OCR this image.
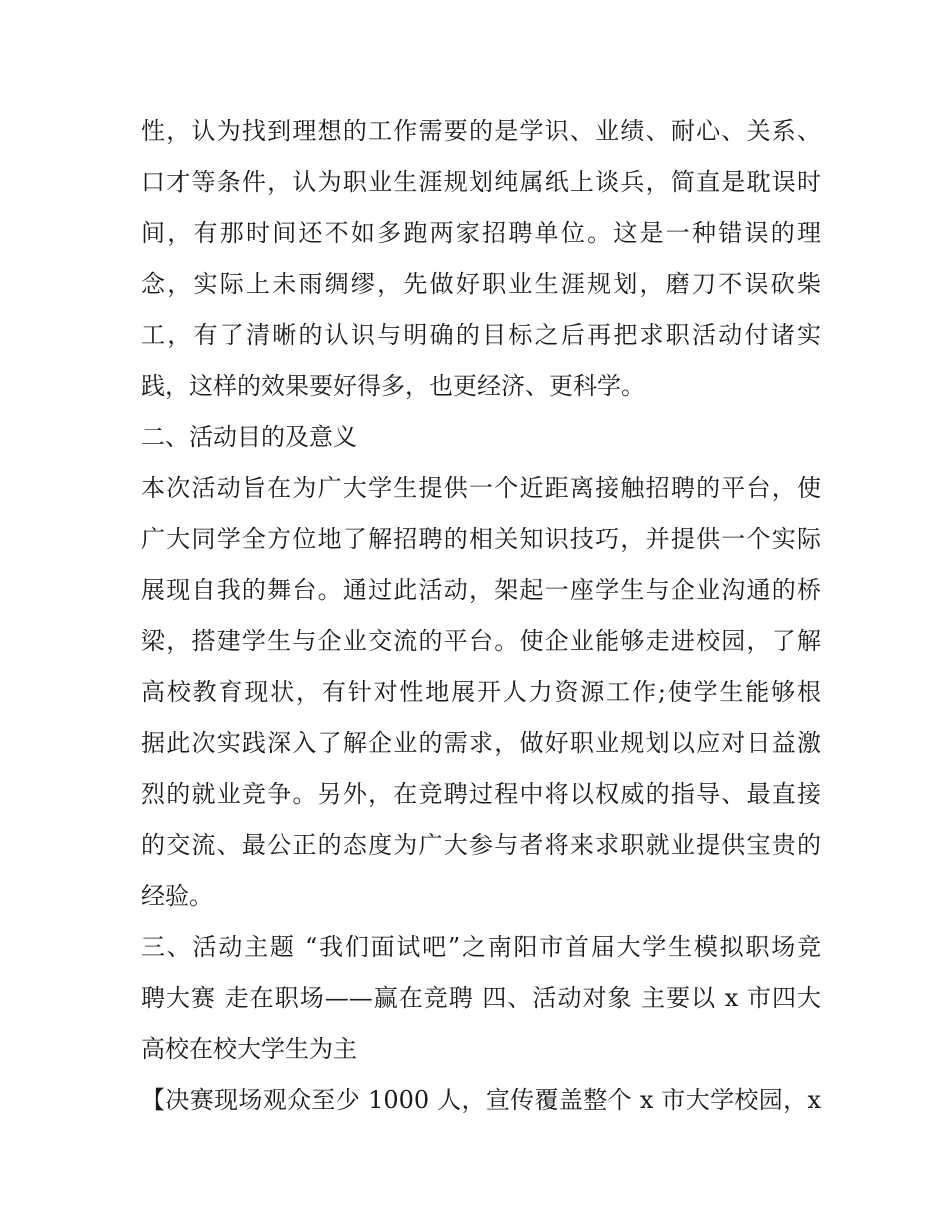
性，认为找到理想的工作需要的是学识、业绩、耐心、关系、
口才等条件，认为职业生涯规划纯属纸上谈兵，简直是耽误时
间，有那时间还不如多跑两家招聘单位。这是一种错误的理
念，实际上未雨绸缪，先做好职业生涯规划，磨刀不误砍柴
工，有了清晰的认识与明确的目标之后再把求职活动付诸实
践，这样的效果要好得多，也更经济、更科学。
二、活动目的及意义
本次活动旨在为广大学生提供一个近距离接触招聘的平台，使
广大同学全方位地了解招聘的相关知识技巧，并提供一个实际
展现自我的舞台。通过此活动，架起一座学生与企业沟通的桥
梁，搭建学生与企业交流的平台。使企业能够走进校园，了解
高校教育现状，有针对性地展开人力资源工作;使学生能够根
据此次实践深入了解企业的需求，做好职业规划以应对日益激
烈的就业竞争。另外，在竞聘过程中将以权威的指导、最直接
的交流、最公正的态度为广大参与者将来求职就业提供宝贵的
经验。
三、活动主题 “我们面试吧”之南阳市首届大学生模拟职场竞
聘大赛 走在职场——赢在竞聘 四、活动对象 主要以 x 市四大
高校在校大学生为主
【决赛现场观众至少 1000 人，宣传覆盖整个 x 市大学校园，x
